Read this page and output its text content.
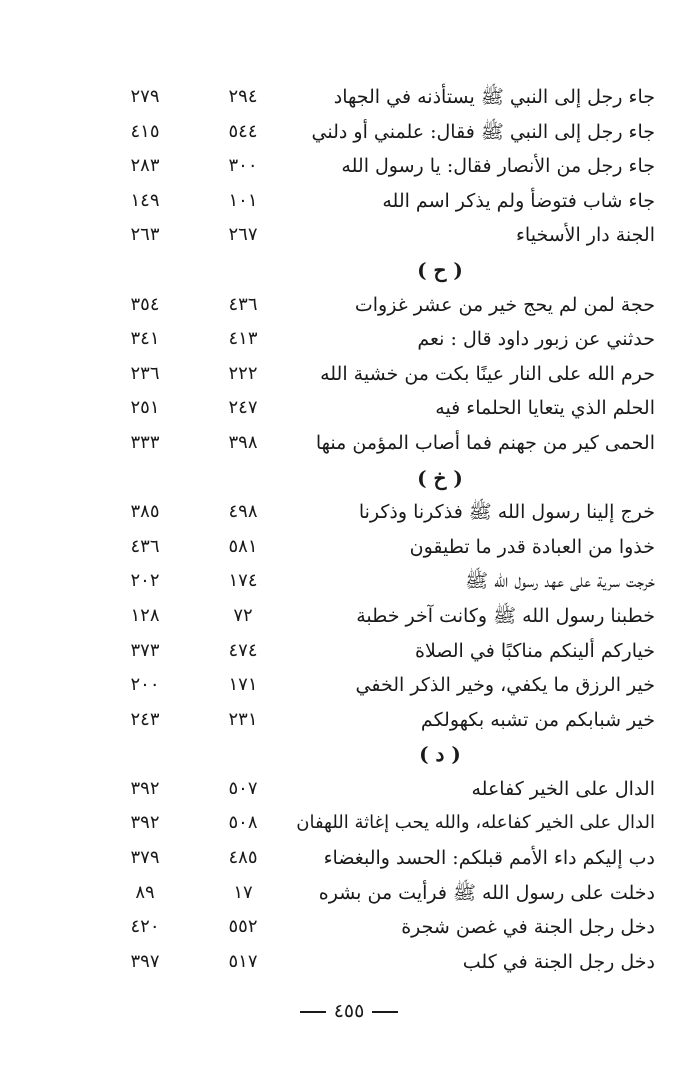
جاء رجل إلى النبي ﷺ يستأذنه في الجهاد
٢٩٤
٢٧٩
جاء رجل إلى النبي ﷺ فقال: علمني أو دلني
٥٤٤
٤١٥
جاء رجل من الأنصار فقال: يا رسول الله
٣٠٠
٢٨٣
جاء شاب فتوضأ ولم يذكر اسم الله
١٠١
١٤٩
الجنة دار الأسخياء
٢٦٧
٢٦٣
( ح )
حجة لمن لم يحج خير من عشر غزوات
٤٣٦
٣٥٤
حدثني عن زبور داود قال : نعم
٤١٣
٣٤١
حرم الله على النار عينًا بكت من خشية الله
٢٢٢
٢٣٦
الحلم الذي يتعايا الحلماء فيه
٢٤٧
٢٥١
الحمى كير من جهنم فما أصاب المؤمن منها
٣٩٨
٣٣٣
( خ )
خرج إلينا رسول الله ﷺ فذكرنا وذكرنا
٤٩٨
٣٨٥
خذوا من العبادة قدر ما تطيقون
٥٨١
٤٣٦
خرجت سرية على عهد رسول الله ﷺ
١٧٤
٢٠٢
خطبنا رسول الله ﷺ وكانت آخر خطبة
٧٢
١٢٨
خياركم ألينكم مناكبًا في الصلاة
٤٧٤
٣٧٣
خير الرزق ما يكفي، وخير الذكر الخفي
١٧١
٢٠٠
خير شبابكم من تشبه بكهولكم
٢٣١
٢٤٣
( د )
الدال على الخير كفاعله
٥٠٧
٣٩٢
الدال على الخير كفاعله، والله يحب إغاثة اللهفان
٥٠٨
٣٩٢
دب إليكم داء الأمم قبلكم: الحسد والبغضاء
٤٨٥
٣٧٩
دخلت على رسول الله ﷺ فرأيت من بشره
١٧
٨٩
دخل رجل الجنة في غصن شجرة
٥٥٢
٤٢٠
دخل رجل الجنة في كلب
٥١٧
٣٩٧
٤٥٥
